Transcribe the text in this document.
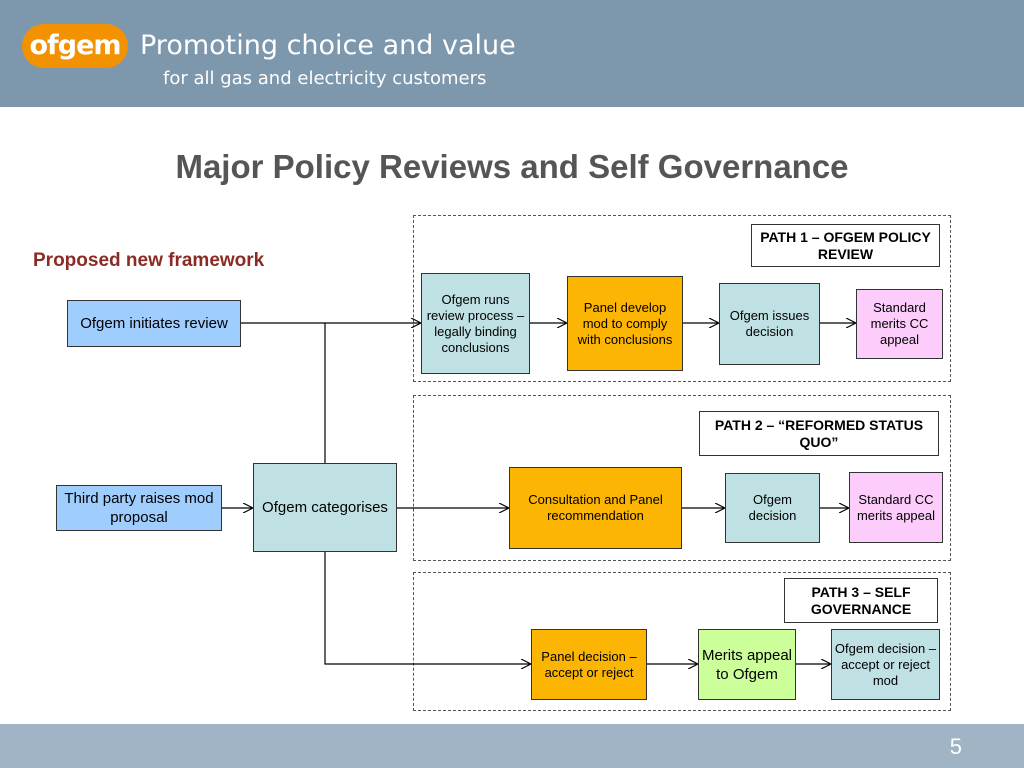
ofgem Promoting choice and value
for all gas and electricity customers
Major Policy Reviews and Self Governance
Proposed new framework
Ofgem initiates review
Third party raises mod proposal
Ofgem categorises
PATH 1 – OFGEM POLICY REVIEW
Ofgem runs review process – legally binding conclusions
Panel develop mod to comply with conclusions
Ofgem issues decision
Standard merits CC appeal
PATH 2 – “REFORMED STATUS QUO”
Consultation and Panel recommendation
Ofgem decision
Standard CC merits appeal
PATH 3 – SELF GOVERNANCE
Panel decision – accept or reject
Merits appeal to Ofgem
Ofgem decision – accept or reject mod
5
